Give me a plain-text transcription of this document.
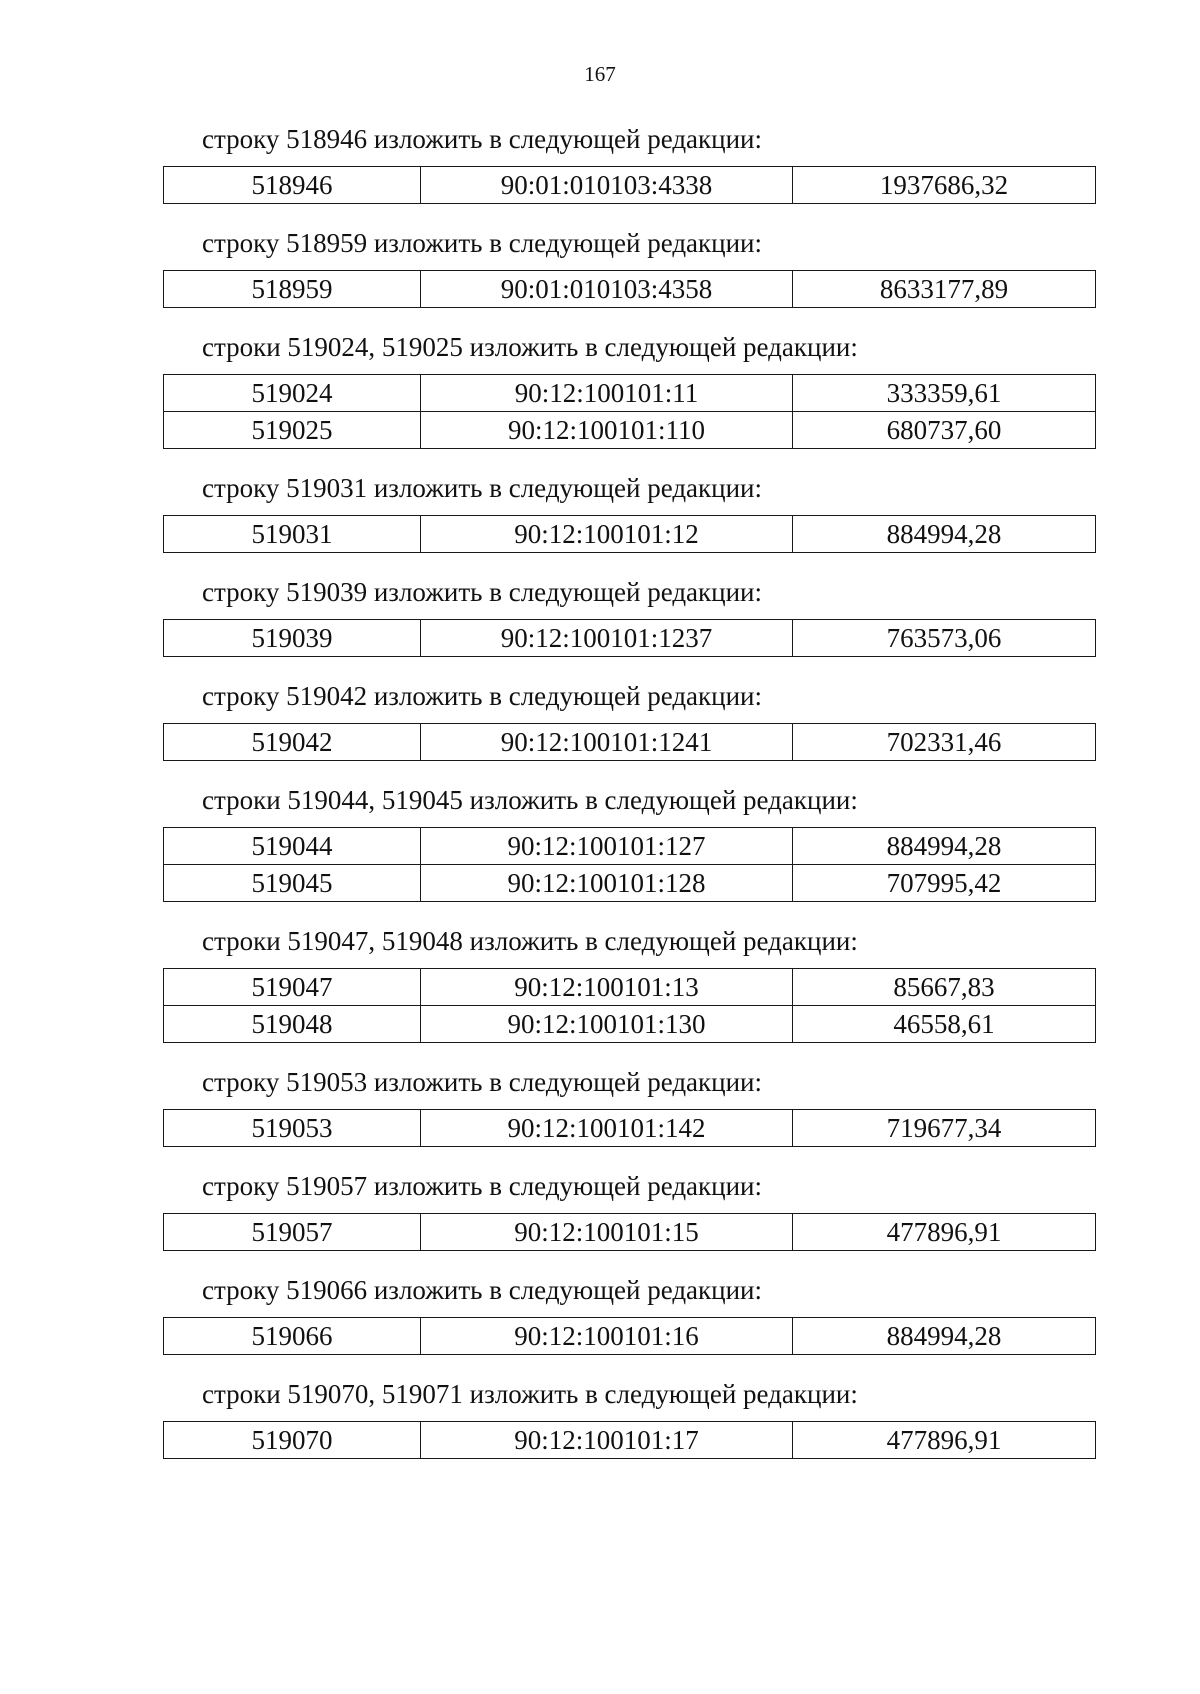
167
строку 518946 изложить в следующей редакции:
518946	90:01:010103:4338	1937686,32
строку 518959 изложить в следующей редакции:
518959	90:01:010103:4358	8633177,89
строки 519024, 519025 изложить в следующей редакции:
519024	90:12:100101:11	333359,61
519025	90:12:100101:110	680737,60
строку 519031 изложить в следующей редакции:
519031	90:12:100101:12	884994,28
строку 519039 изложить в следующей редакции:
519039	90:12:100101:1237	763573,06
строку 519042 изложить в следующей редакции:
519042	90:12:100101:1241	702331,46
строки 519044, 519045 изложить в следующей редакции:
519044	90:12:100101:127	884994,28
519045	90:12:100101:128	707995,42
строки 519047, 519048 изложить в следующей редакции:
519047	90:12:100101:13	85667,83
519048	90:12:100101:130	46558,61
строку 519053 изложить в следующей редакции:
519053	90:12:100101:142	719677,34
строку 519057 изложить в следующей редакции:
519057	90:12:100101:15	477896,91
строку 519066 изложить в следующей редакции:
519066	90:12:100101:16	884994,28
строки 519070, 519071 изложить в следующей редакции:
519070	90:12:100101:17	477896,91
